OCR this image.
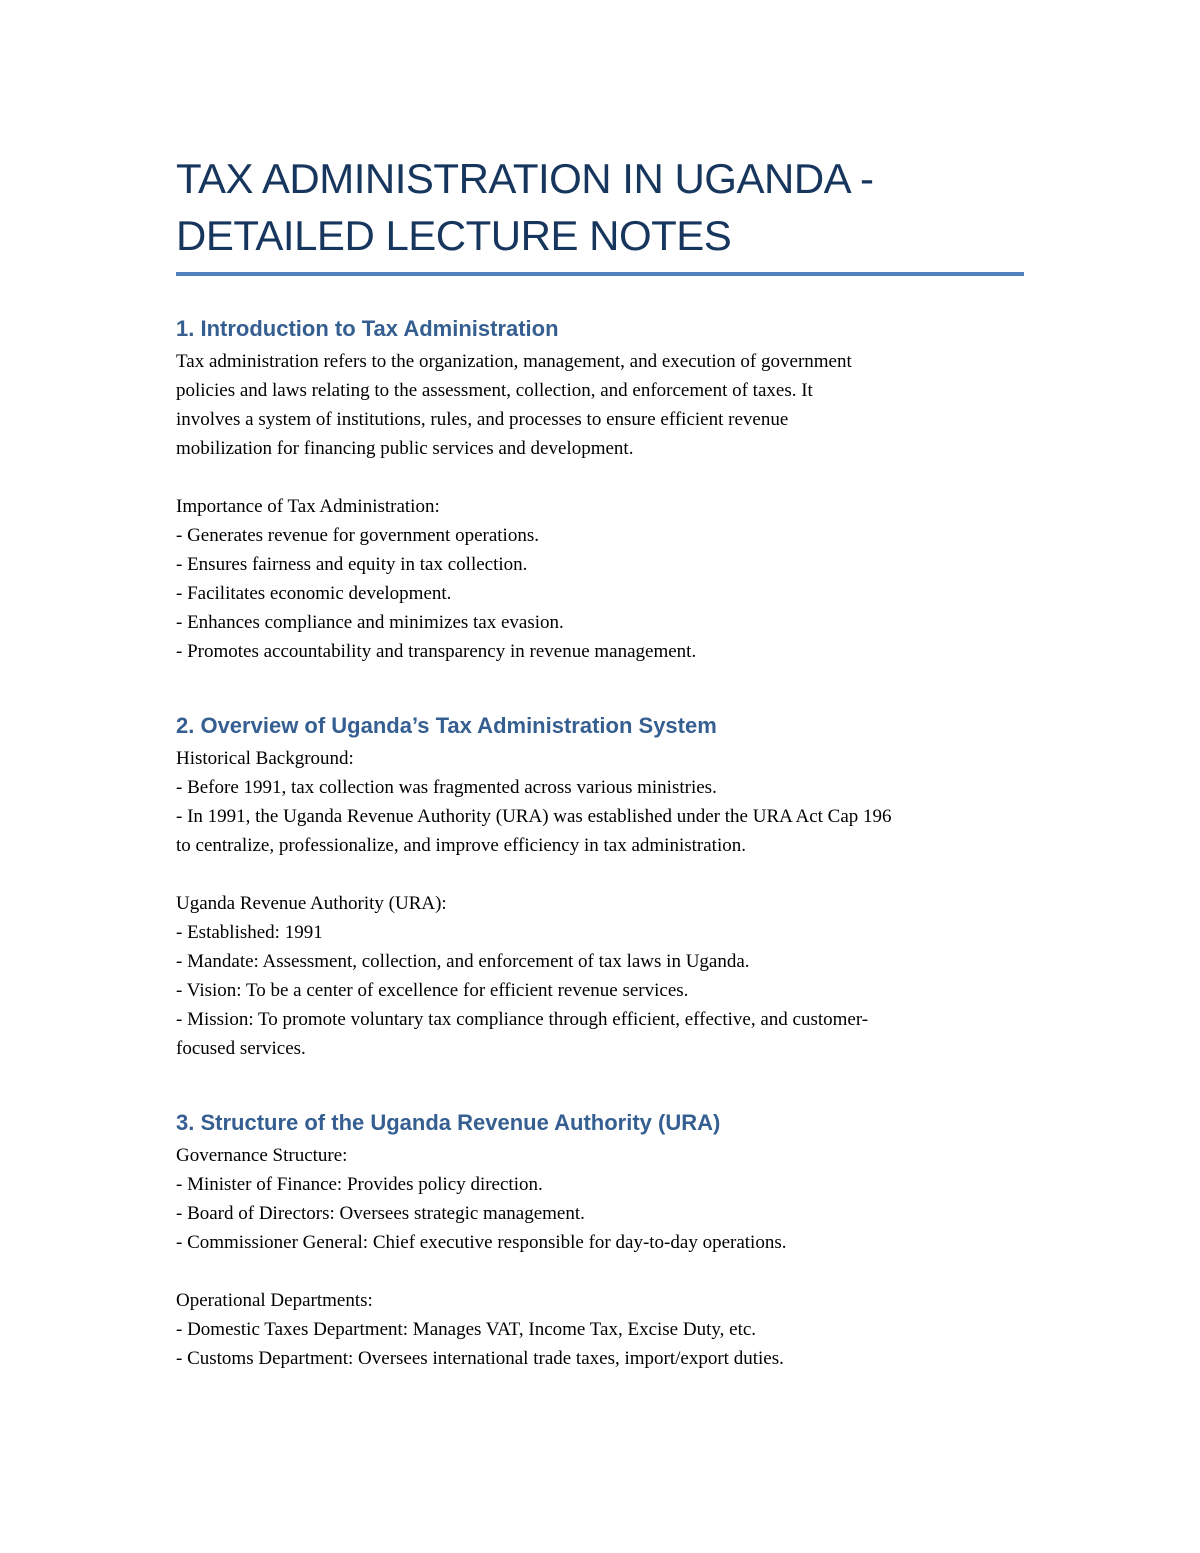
TAX ADMINISTRATION IN UGANDA -
DETAILED LECTURE NOTES
1. Introduction to Tax Administration

Tax administration refers to the organization, management, and execution of government

policies and laws relating to the assessment, collection, and enforcement of taxes. It

involves a system of institutions, rules, and processes to ensure efficient revenue

mobilization for financing public services and development.

Importance of Tax Administration:

- Generates revenue for government operations.

- Ensures fairness and equity in tax collection.

- Facilitates economic development.

- Enhances compliance and minimizes tax evasion.

- Promotes accountability and transparency in revenue management.

2. Overview of Uganda’s Tax Administration System

Historical Background:

- Before 1991, tax collection was fragmented across various ministries.

- In 1991, the Uganda Revenue Authority (URA) was established under the URA Act Cap 196

to centralize, professionalize, and improve efficiency in tax administration.

Uganda Revenue Authority (URA):

- Established: 1991

- Mandate: Assessment, collection, and enforcement of tax laws in Uganda.

- Vision: To be a center of excellence for efficient revenue services.

- Mission: To promote voluntary tax compliance through efficient, effective, and customer-

focused services.

3. Structure of the Uganda Revenue Authority (URA)

Governance Structure:

- Minister of Finance: Provides policy direction.

- Board of Directors: Oversees strategic management.

- Commissioner General: Chief executive responsible for day-to-day operations.

Operational Departments:

- Domestic Taxes Department: Manages VAT, Income Tax, Excise Duty, etc.

- Customs Department: Oversees international trade taxes, import/export duties.
